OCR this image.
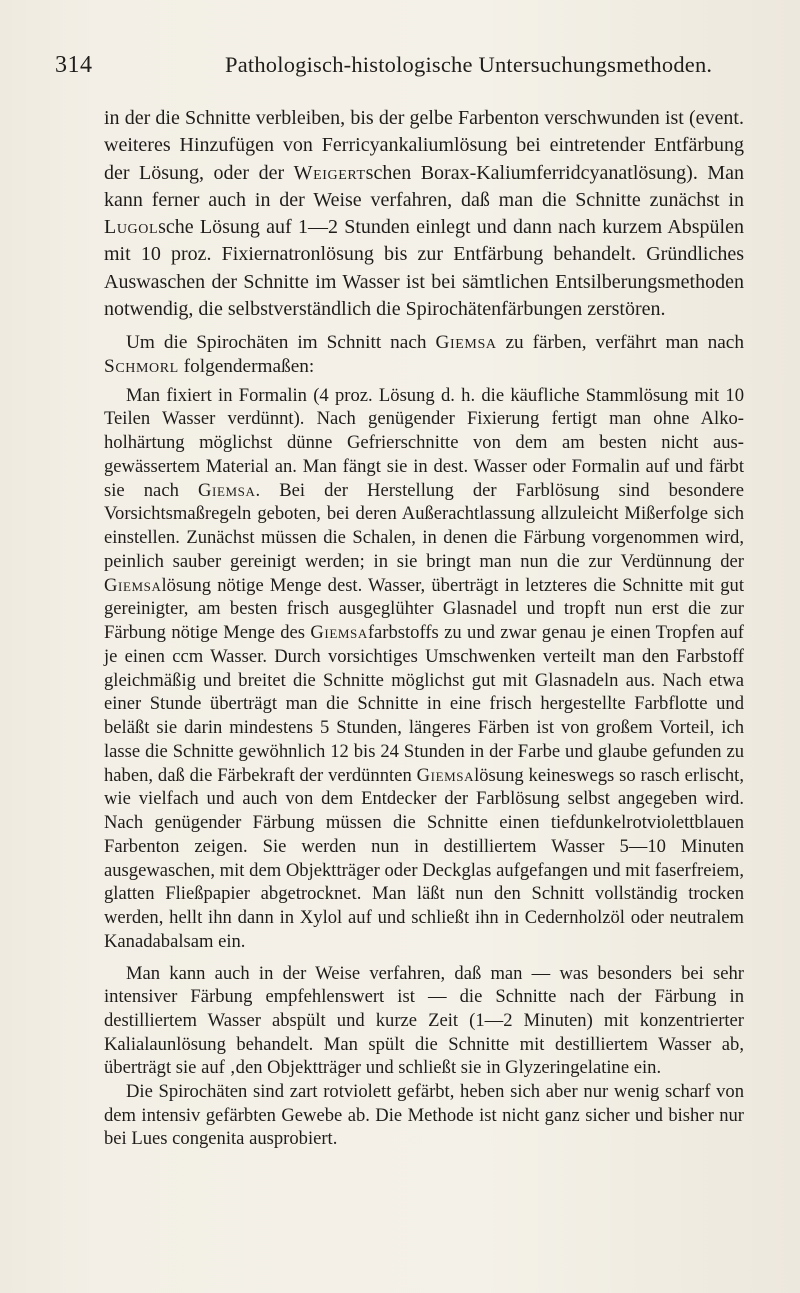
314	Pathologisch-histologische Untersuchungsmethoden.

in der die Schnitte verbleiben, bis der gelbe Farbenton verschwunden ist (event. weiteres Hinzufügen von Ferricyankaliumlösung bei eintretender Entfärbung der Lösung, oder der Weigertschen Borax-Kaliumferridcyanatlösung). Man kann ferner auch in der Weise verfahren, daß man die Schnitte zunächst in Lugolsche Lösung auf 1—2 Stunden einlegt und dann nach kurzem Abspülen mit 10 proz. Fixiernatronlösung bis zur Entfärbung behandelt. Gründliches Auswaschen der Schnitte im Wasser ist bei sämtlichen Entsilberungsmethoden notwendig, die selbstverständlich die Spirochätenfärbungen zerstören.

Um die Spirochäten im Schnitt nach Giemsa zu färben, verfährt man nach Schmorl folgendermaßen:

Man fixiert in Formalin (4 proz. Lösung d. h. die käufliche Stammlösung mit 10 Teilen Wasser verdünnt). Nach genügender Fixierung fertigt man ohne Alkoholhärtung möglichst dünne Gefrierschnitte von dem am besten nicht ausgewässertem Material an. Man fängt sie in dest. Wasser oder Formalin auf und färbt sie nach Giemsa. Bei der Herstellung der Farblösung sind besondere Vorsichtsmaßregeln geboten, bei deren Außerachtlassung allzuleicht Mißerfolge sich einstellen. Zunächst müssen die Schalen, in denen die Färbung vorgenommen wird, peinlich sauber gereinigt werden; in sie bringt man nun die zur Verdünnung der Giemsalösung nötige Menge dest. Wasser, überträgt in letzteres die Schnitte mit gut gereinigter, am besten frisch ausgeglühter Glasnadel und tropft nun erst die zur Färbung nötige Menge des Giemsafarbstoffs zu und zwar genau je einen Tropfen auf je einen ccm Wasser. Durch vorsichtiges Umschwenken verteilt man den Farbstoff gleichmäßig und breitet die Schnitte möglichst gut mit Glasnadeln aus. Nach etwa einer Stunde überträgt man die Schnitte in eine frisch hergestellte Farbflotte und beläßt sie darin mindestens 5 Stunden, längeres Färben ist von großem Vorteil, ich lasse die Schnitte gewöhnlich 12 bis 24 Stunden in der Farbe und glaube gefunden zu haben, daß die Färbekraft der verdünnten Giemsalösung keineswegs so rasch erlischt, wie vielfach und auch von dem Entdecker der Farblösung selbst angegeben wird. Nach genügender Färbung müssen die Schnitte einen tiefdunkelrotviolettblauen Farbenton zeigen. Sie werden nun in destilliertem Wasser 5—10 Minuten ausgewaschen, mit dem Objektträger oder Deckglas aufgefangen und mit faserfreiem, glatten Fließpapier abgetrocknet. Man läßt nun den Schnitt vollständig trocken werden, hellt ihn dann in Xylol auf und schließt ihn in Cedernholzöl oder neutralem Kanadabalsam ein.

Man kann auch in der Weise verfahren, daß man — was besonders bei sehr intensiver Färbung empfehlenswert ist — die Schnitte nach der Färbung in destilliertem Wasser abspült und kurze Zeit (1—2 Minuten) mit konzentrierter Kalialaunlösung behandelt. Man spült die Schnitte mit destilliertem Wasser ab, überträgt sie auf ‚den Objektträger und schließt sie in Glyzeringelatine ein.

Die Spirochäten sind zart rotviolett gefärbt, heben sich aber nur wenig scharf von dem intensiv gefärbten Gewebe ab. Die Methode ist nicht ganz sicher und bisher nur bei Lues congenita ausprobiert.
